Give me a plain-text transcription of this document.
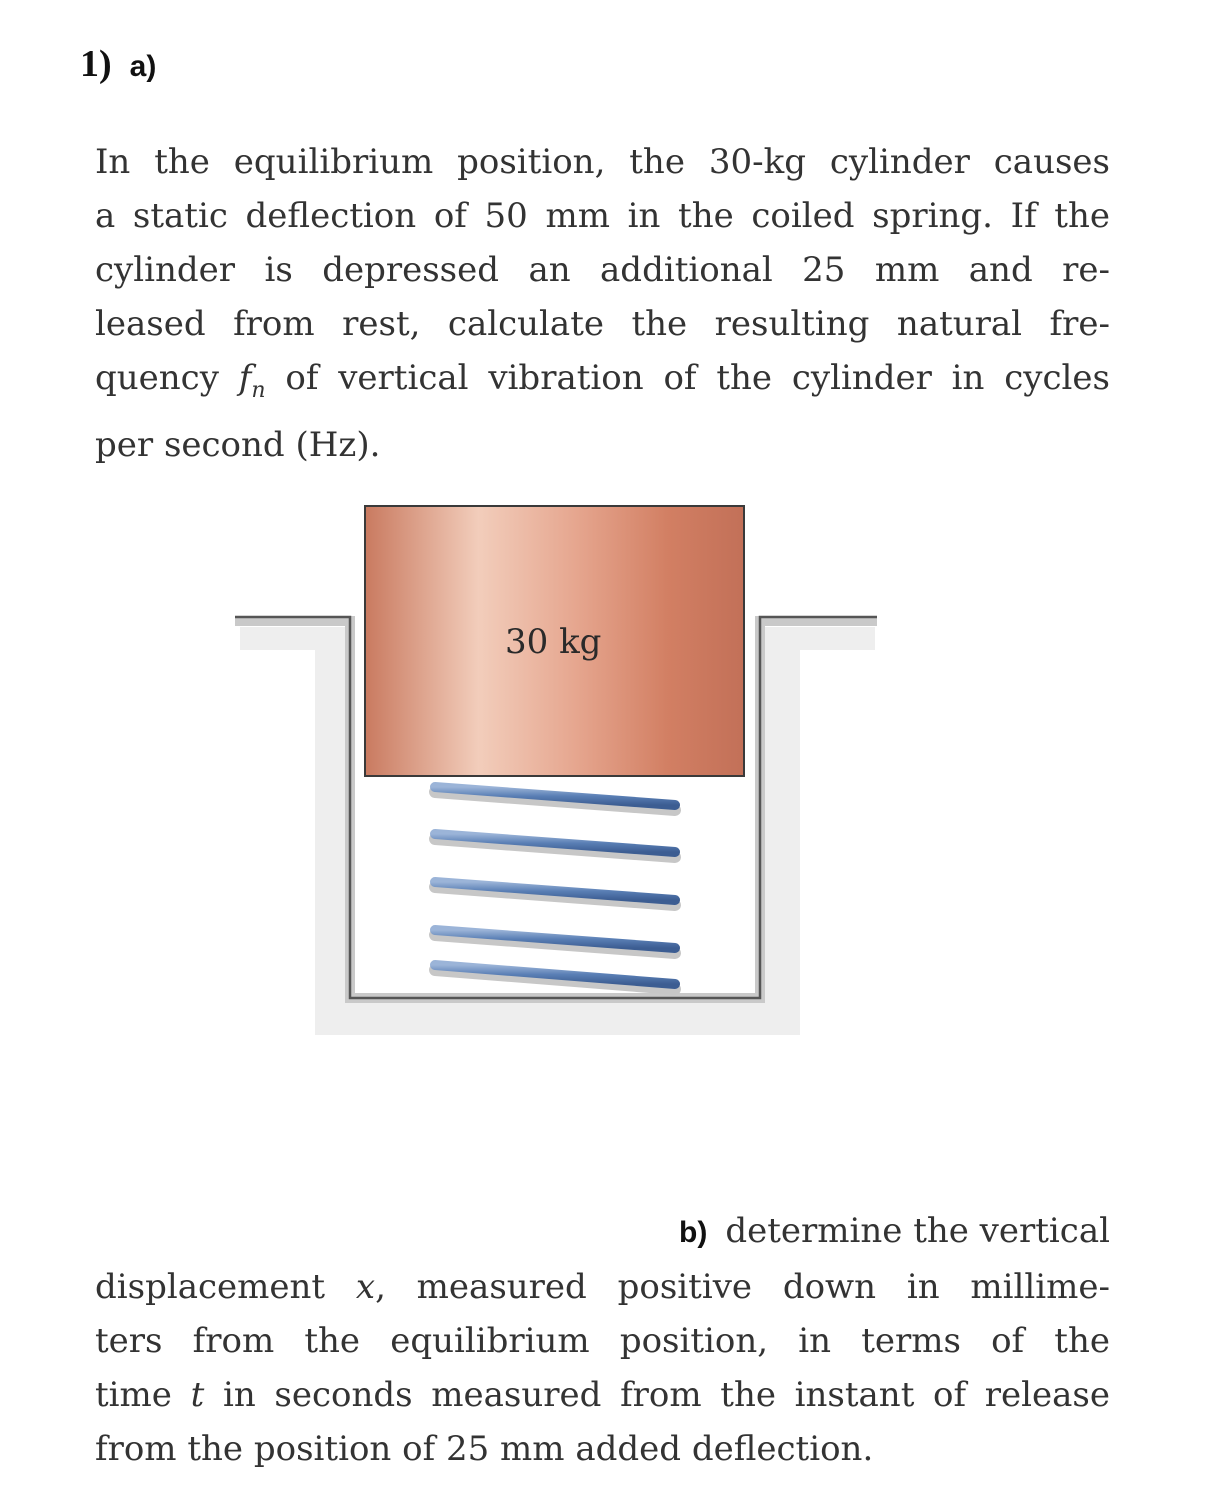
1) a)
In the equilibrium position, the 30-kg cylinder causes
a static deflection of 50 mm in the coiled spring. If the
cylinder is depressed an additional 25 mm and re-
leased from rest, calculate the resulting natural fre-
quency $f_n$ of vertical vibration of the cylinder in cycles
per second (Hz).
30 kg
b) determine the vertical
displacement x, measured positive down in millime-
ters from the equilibrium position, in terms of the
time t in seconds measured from the instant of release
from the position of 25 mm added deflection.
